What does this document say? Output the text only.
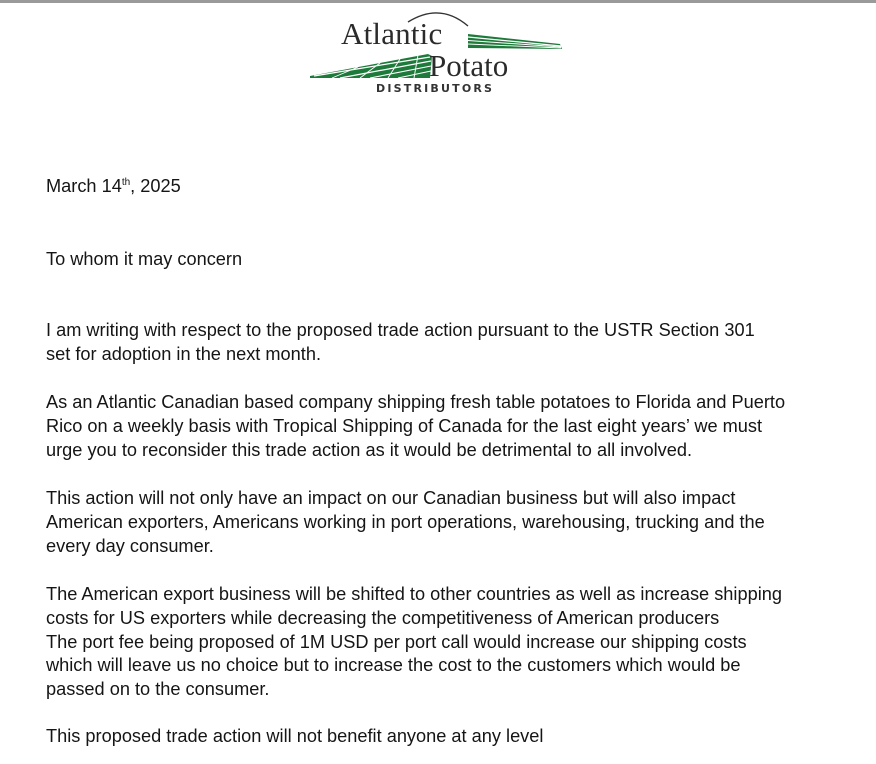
Atlantic
Potato
DISTRIBUTORS
March 14th, 2025
To whom it may concern
I am writing with respect to the proposed trade action pursuant to the USTR Section 301
set for adoption in the next month.
As an Atlantic Canadian based company shipping fresh table potatoes to Florida and Puerto
Rico on a weekly basis with Tropical Shipping of Canada for the last eight years’ we must
urge you to reconsider this trade action as it would be detrimental to all involved.
This action will not only have an impact on our Canadian business but will also impact
American exporters, Americans working in port operations, warehousing, trucking and the
every day consumer.
The American export business will be shifted to other countries as well as increase shipping
costs for US exporters while decreasing the competitiveness of American producers
The port fee being proposed of 1M USD per port call would increase our shipping costs
which will leave us no choice but to increase the cost to the customers which would be
passed on to the consumer.
This proposed trade action will not benefit anyone at any level
